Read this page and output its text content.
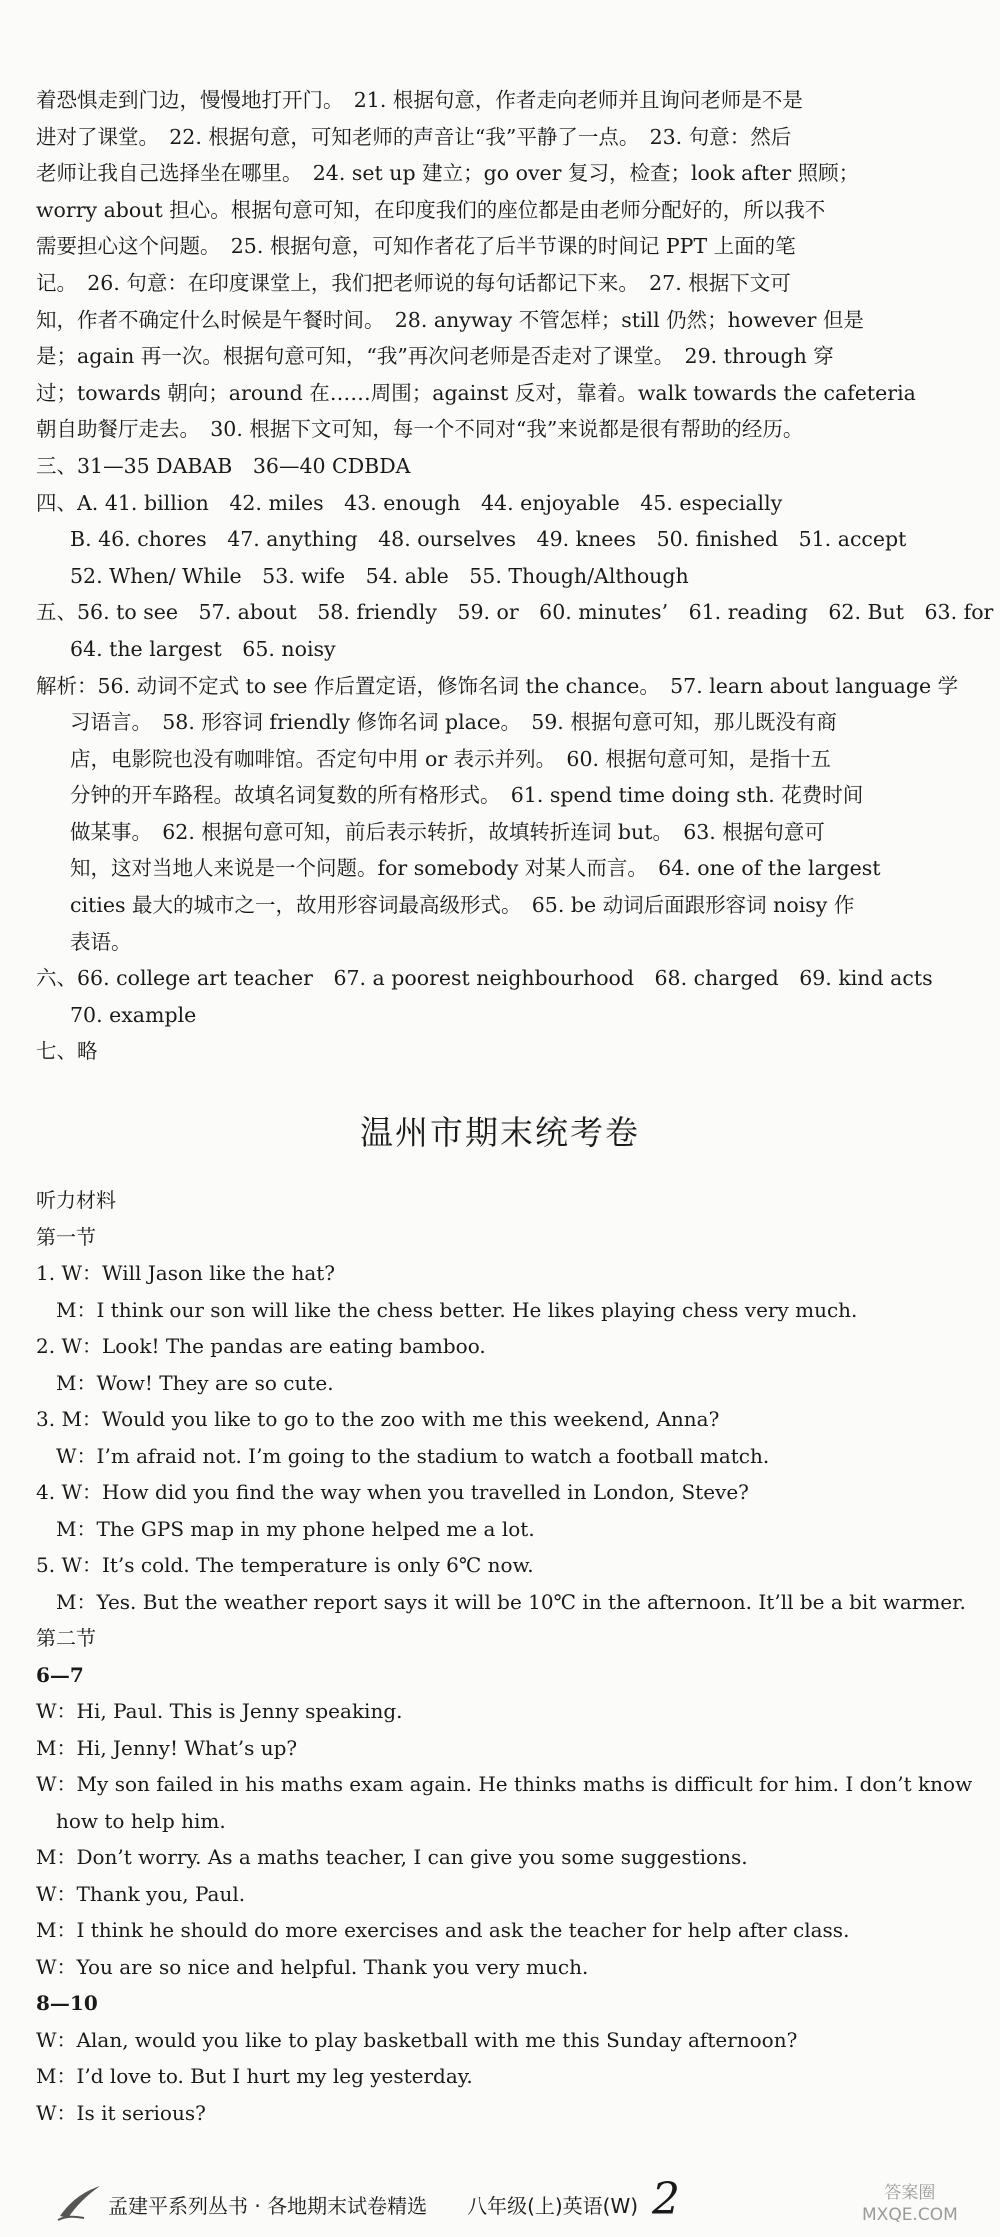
着恐惧走到门边，慢慢地打开门。　21. 根据句意，作者走向老师并且询问老师是不是
进对了课堂。　22. 根据句意，可知老师的声音让“我”平静了一点。　23. 句意：然后
老师让我自己选择坐在哪里。　24. set up 建立；go over 复习，检查；look after 照顾；
worry about 担心。根据句意可知，在印度我们的座位都是由老师分配好的，所以我不
需要担心这个问题。　25. 根据句意，可知作者花了后半节课的时间记 PPT 上面的笔
记。　26. 句意：在印度课堂上，我们把老师说的每句话都记下来。　27. 根据下文可
知，作者不确定什么时候是午餐时间。　28. anyway 不管怎样；still 仍然；however 但是
是；again 再一次。根据句意可知，“我”再次问老师是否走对了课堂。　29. through 穿
过；towards 朝向；around 在……周围；against 反对，靠着。walk towards the cafeteria
朝自助餐厅走去。　30. 根据下文可知，每一个不同对“我”来说都是很有帮助的经历。
三、31—35 DABAB　36—40 CDBDA
四、A. 41. billion　42. miles　43. enough　44. enjoyable　45. especially
B. 46. chores　47. anything　48. ourselves　49. knees　50. finished　51. accept
52. When/ While　53. wife　54. able　55. Though/Although
五、56. to see　57. about　58. friendly　59. or　60. minutes’　61. reading　62. But　63. for
64. the largest　65. noisy
解析：56. 动词不定式 to see 作后置定语，修饰名词 the chance。　57. learn about language 学
习语言。　58. 形容词 friendly 修饰名词 place。　59. 根据句意可知，那儿既没有商
店，电影院也没有咖啡馆。否定句中用 or 表示并列。　60. 根据句意可知，是指十五
分钟的开车路程。故填名词复数的所有格形式。　61. spend time doing sth. 花费时间
做某事。　62. 根据句意可知，前后表示转折，故填转折连词 but。　63. 根据句意可
知，这对当地人来说是一个问题。for somebody 对某人而言。　64. one of the largest
cities 最大的城市之一，故用形容词最高级形式。　65. be 动词后面跟形容词 noisy 作
表语。
六、66. college art teacher　67. a poorest neighbourhood　68. charged　69. kind acts
70. example
七、略
温州市期末统考卷
听力材料
第一节
1. W：Will Jason like the hat?
M：I think our son will like the chess better. He likes playing chess very much.
2. W：Look! The pandas are eating bamboo.
M：Wow! They are so cute.
3. M：Would you like to go to the zoo with me this weekend, Anna?
W：I’m afraid not. I’m going to the stadium to watch a football match.
4. W：How did you find the way when you travelled in London, Steve?
M：The GPS map in my phone helped me a lot.
5. W：It’s cold. The temperature is only 6℃ now.
M：Yes. But the weather report says it will be 10℃ in the afternoon. It’ll be a bit warmer.
第二节
6—7
W：Hi, Paul. This is Jenny speaking.
M：Hi, Jenny! What’s up?
W：My son failed in his maths exam again. He thinks maths is difficult for him. I don’t know
how to help him.
M：Don’t worry. As a maths teacher, I can give you some suggestions.
W：Thank you, Paul.
M：I think he should do more exercises and ask the teacher for help after class.
W：You are so nice and helpful. Thank you very much.
8—10
W：Alan, would you like to play basketball with me this Sunday afternoon?
M：I’d love to. But I hurt my leg yesterday.
W：Is it serious?
孟建平系列丛书 · 各地期末试卷精选　　八年级(上)英语(W) 2	答案圈
MXQE.COM
